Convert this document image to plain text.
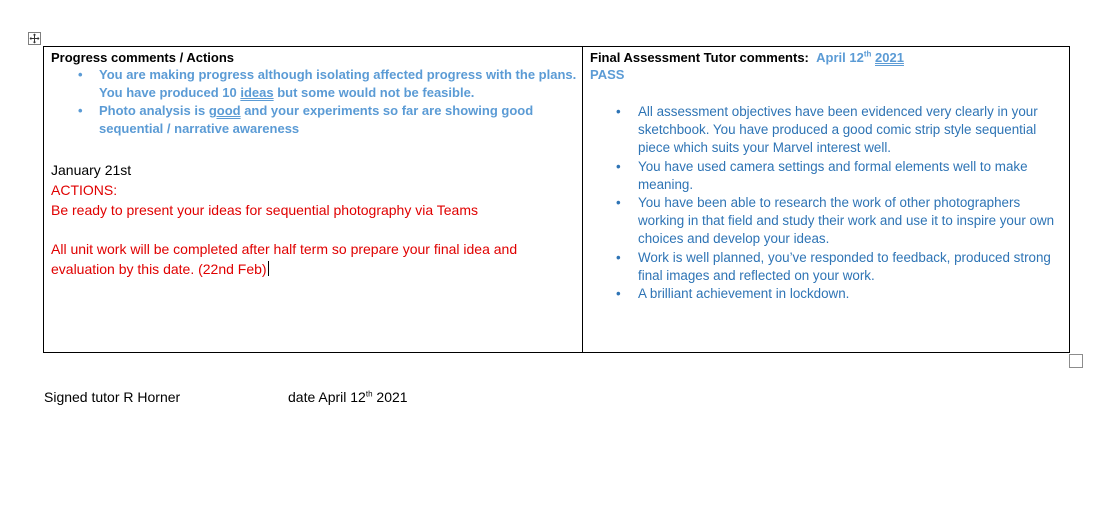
Progress comments / Actions
• You are making progress although isolating affected progress with the plans. You have produced 10 ideas but some would not be feasible.
• Photo analysis is good and your experiments so far are showing good sequential / narrative awareness
January 21st
ACTIONS:
Be ready to present your ideas for sequential photography via Teams
All unit work will be completed after half term so prepare your final idea and evaluation by this date. (22nd Feb)
Final Assessment Tutor comments: April 12th 2021
PASS
• All assessment objectives have been evidenced very clearly in your sketchbook. You have produced a good comic strip style sequential piece which suits your Marvel interest well.
• You have used camera settings and formal elements well to make meaning.
• You have been able to research the work of other photographers working in that field and study their work and use it to inspire your own choices and develop your ideas.
• Work is well planned, you’ve responded to feedback, produced strong final images and reflected on your work.
• A brilliant achievement in lockdown.
Signed tutor R Horner	date April 12th 2021
